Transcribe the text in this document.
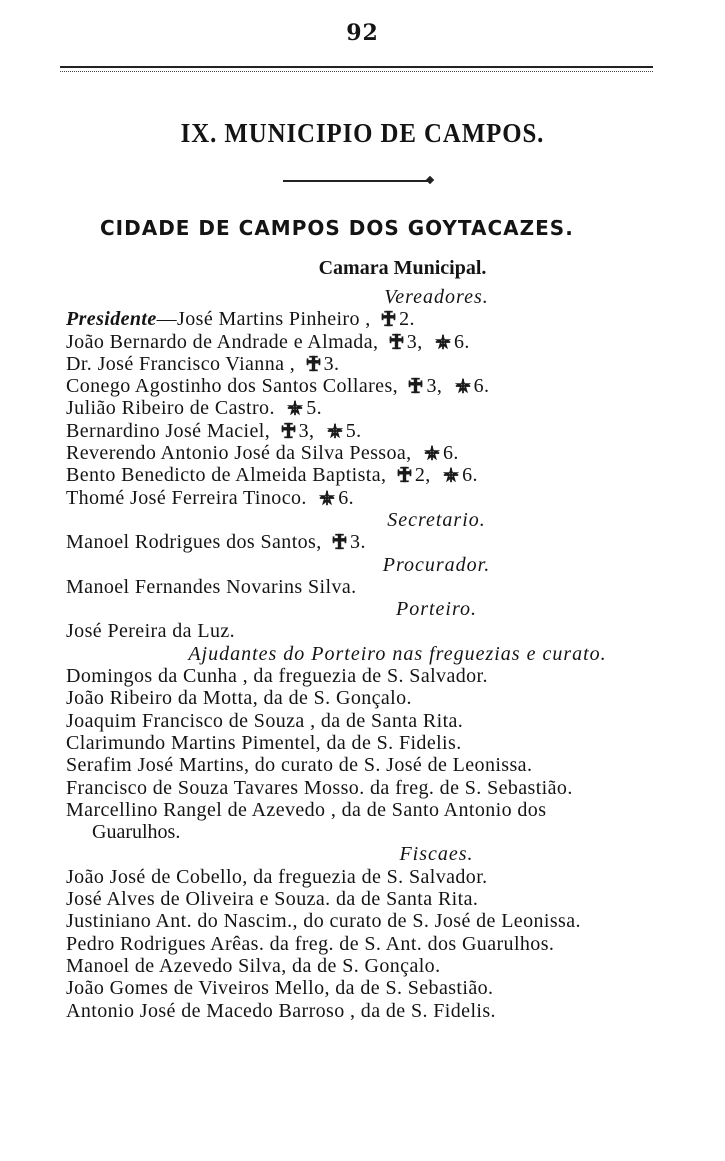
92
IX. MUNICIPIO DE CAMPOS.
CIDADE DE CAMPOS DOS GOYTACAZES.
Camara Municipal.
Vereadores.
Presidente—José Martins Pinheiro , 2.
João Bernardo de Andrade e Almada, 3, 6.
Dr. José Francisco Vianna , 3.
Conego Agostinho dos Santos Collares, 3, 6.
Julião Ribeiro de Castro. 5.
Bernardino José Maciel, 3, 5.
Reverendo Antonio José da Silva Pessoa, 6.
Bento Benedicto de Almeida Baptista, 2, 6.
Thomé José Ferreira Tinoco. 6.
Secretario.
Manoel Rodrigues dos Santos, 3.
Procurador.
Manoel Fernandes Novarins Silva.
Porteiro.
José Pereira da Luz.
Ajudantes do Porteiro nas freguezias e curato.
Domingos da Cunha , da freguezia de S. Salvador.
João Ribeiro da Motta, da de S. Gonçalo.
Joaquim Francisco de Souza , da de Santa Rita.
Clarimundo Martins Pimentel, da de S. Fidelis.
Serafim José Martins, do curato de S. José de Leonissa.
Francisco de Souza Tavares Mosso. da freg. de S. Sebastião.
Marcellino Rangel de Azevedo , da de Santo Antonio dos
Guarulhos.
Fiscaes.
João José de Cobello, da freguezia de S. Salvador.
José Alves de Oliveira e Souza. da de Santa Rita.
Justiniano Ant. do Nascim., do curato de S. José de Leonissa.
Pedro Rodrigues Arêas. da freg. de S. Ant. dos Guarulhos.
Manoel de Azevedo Silva, da de S. Gonçalo.
João Gomes de Viveiros Mello, da de S. Sebastião.
Antonio José de Macedo Barroso , da de S. Fidelis.
